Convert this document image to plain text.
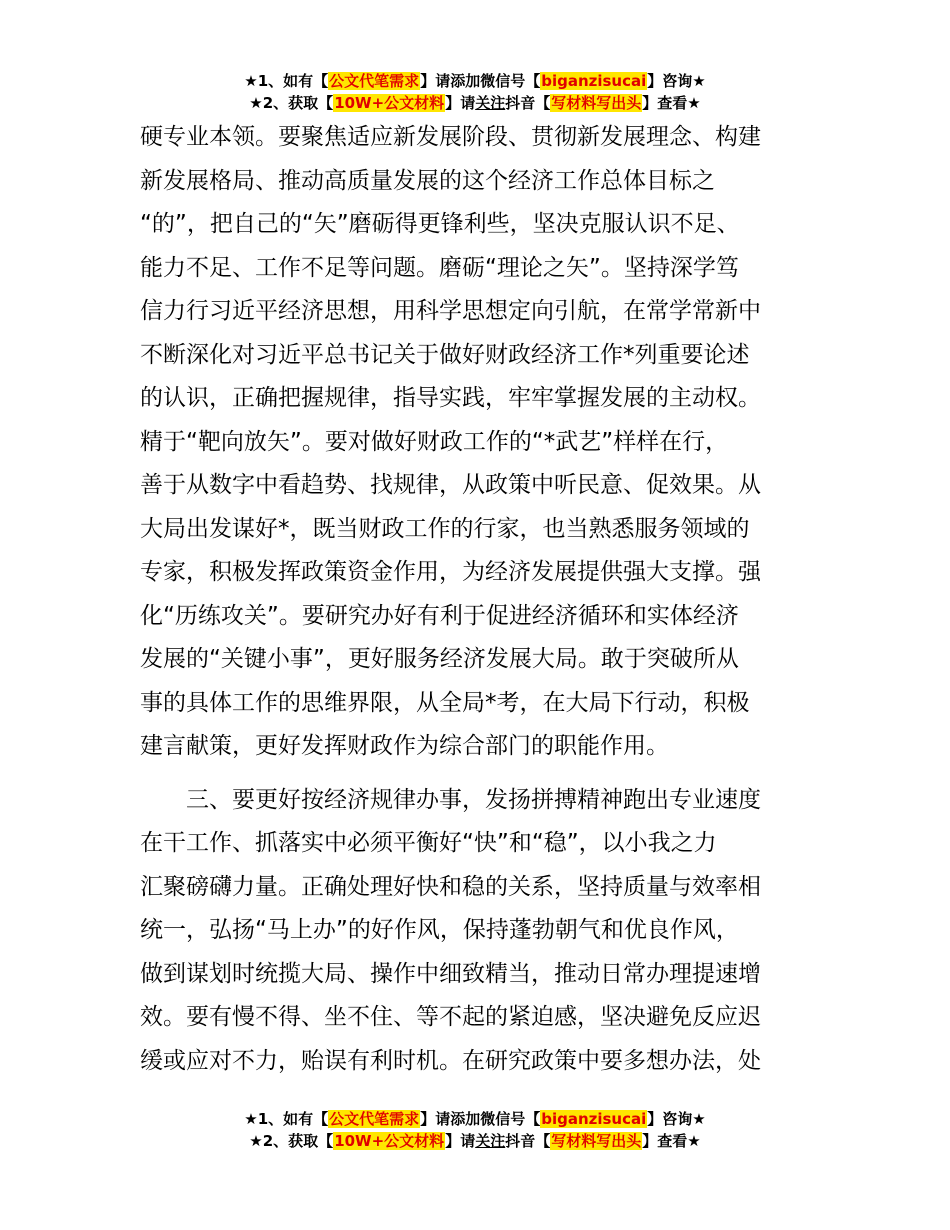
★1、如有【公文代笔需求】请添加微信号【biganzisucai】咨询★
★2、获取【10W+公文材料】请关注抖音【写材料写出头】查看★
硬专业本领。要聚焦适应新发展阶段、贯彻新发展理念、构建
新发展格局、推动高质量发展的这个经济工作总体目标之
“的”，把自己的“矢”磨砺得更锋利些，坚决克服认识不足、
能力不足、工作不足等问题。磨砺“理论之矢”。坚持深学笃
信力行习近平经济思想，用科学思想定向引航，在常学常新中
不断深化对习近平总书记关于做好财政经济工作*列重要论述
的认识，正确把握规律，指导实践，牢牢掌握发展的主动权。
精于“靶向放矢”。要对做好财政工作的“*武艺”样样在行，
善于从数字中看趋势、找规律，从政策中听民意、促效果。从
大局出发谋好*，既当财政工作的行家，也当熟悉服务领域的
专家，积极发挥政策资金作用，为经济发展提供强大支撑。强
化“历练攻关”。要研究办好有利于促进经济循环和实体经济
发展的“关键小事”，更好服务经济发展大局。敢于突破所从
事的具体工作的思维界限，从全局*考，在大局下行动，积极
建言献策，更好发挥财政作为综合部门的职能作用。
　　三、要更好按经济规律办事，发扬拼搏精神跑出专业速度
在干工作、抓落实中必须平衡好“快”和“稳”，以小我之力
汇聚磅礴力量。正确处理好快和稳的关系，坚持质量与效率相
统一，弘扬“马上办”的好作风，保持蓬勃朝气和优良作风，
做到谋划时统揽大局、操作中细致精当，推动日常办理提速增
效。要有慢不得、坐不住、等不起的紧迫感，坚决避免反应迟
缓或应对不力，贻误有利时机。在研究政策中要多想办法，处
★1、如有【公文代笔需求】请添加微信号【biganzisucai】咨询★
★2、获取【10W+公文材料】请关注抖音【写材料写出头】查看★
